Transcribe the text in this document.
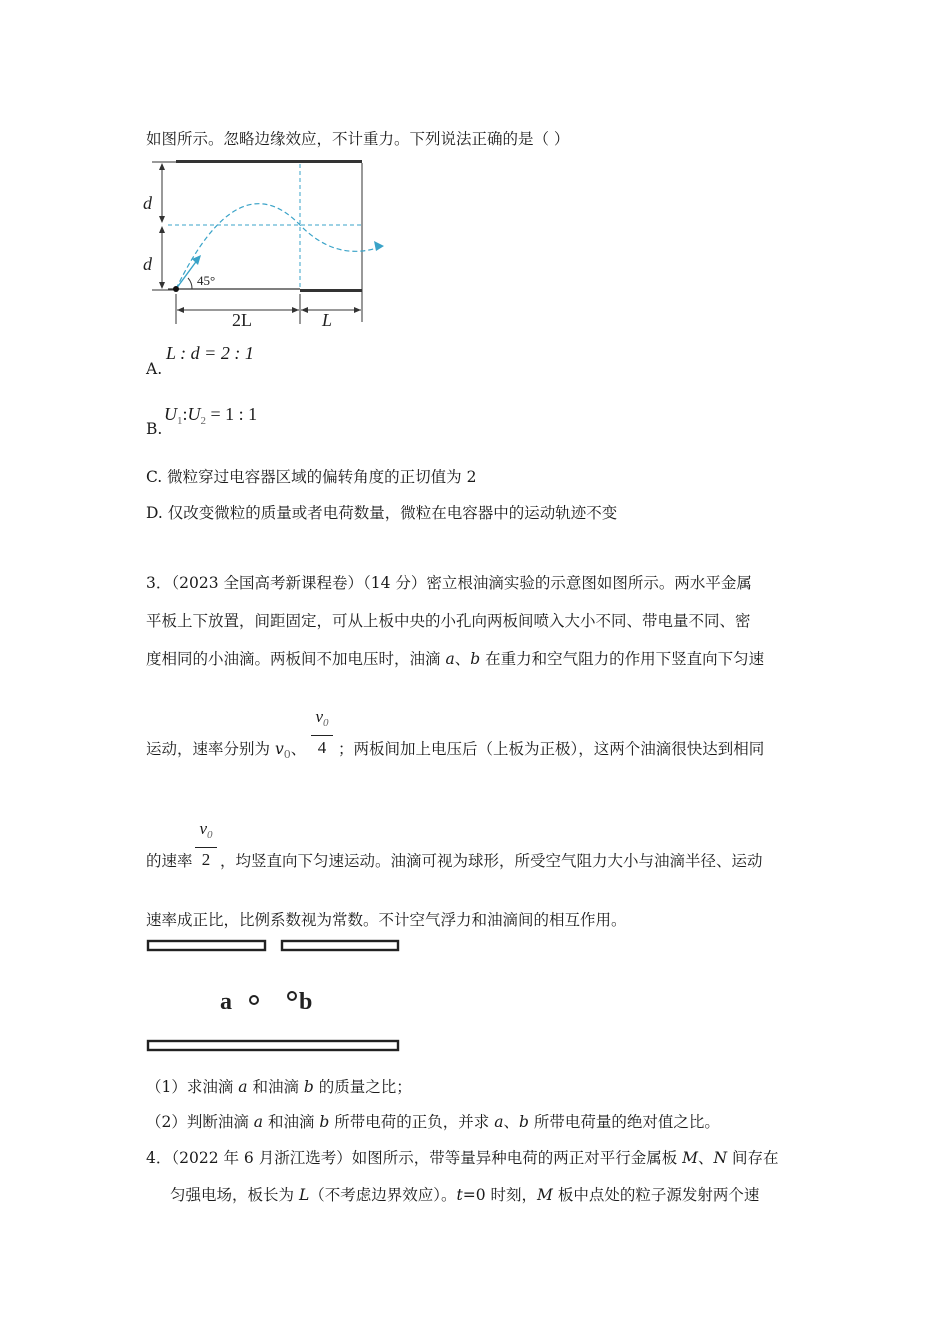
如图所示。忽略边缘效应，不计重力。下列说法正确的是（ ）
d
d
45°
2L	L
A.
L : d = 2 : 1
B.
$U_1:U_2 = 1$ : 1
C. 微粒穿过电容器区域的偏转角度的正切值为 2
D. 仅改变微粒的质量或者电荷数量，微粒在电容器中的运动轨迹不变
3．（2023 全国高考新课程卷）（14 分）密立根油滴实验的示意图如图所示。两水平金属
平板上下放置，间距固定，可从上板中央的小孔向两板间喷入大小不同、带电量不同、密
度相同的小油滴。两板间不加电压时，油滴 a、b 在重力和空气阻力的作用下竖直向下匀速
运动，速率分别为 $v_0$、
$v_0$
4 ；两板间加上电压后（上板为正极），这两个油滴很快达到相同
的速率
$v_0$
2 ，均竖直向下匀速运动。油滴可视为球形，所受空气阻力大小与油滴半径、运动
速率成正比，比例系数视为常数。不计空气浮力和油滴间的相互作用。
a	b
（1）求油滴 a 和油滴 b 的质量之比；
（2）判断油滴 a 和油滴 b 所带电荷的正负，并求 a、b 所带电荷量的绝对值之比。
4．（2022 年 6 月浙江选考）如图所示，带等量异种电荷的两正对平行金属板 M、N 间存在
匀强电场，板长为 L（不考虑边界效应）。t=0 时刻，M 板中点处的粒子源发射两个速
